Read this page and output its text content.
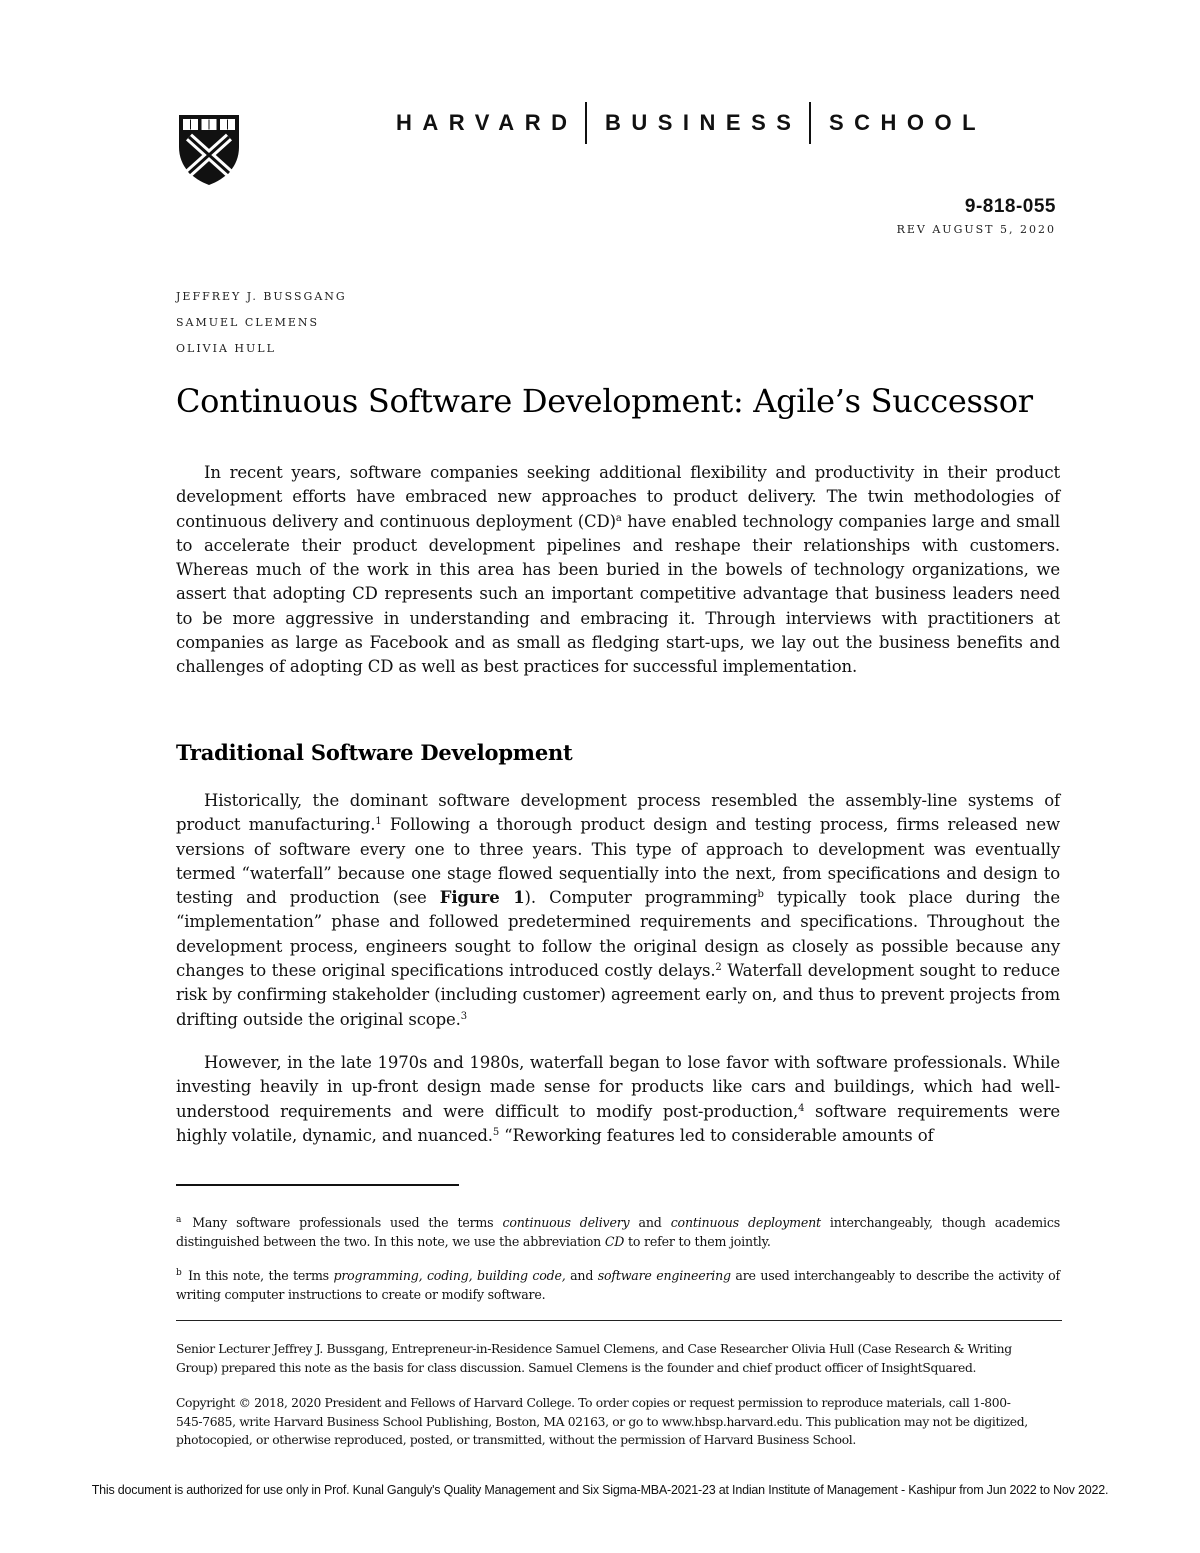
HARVARD BUSINESS SCHOOL
9-818-055
REV AUGUST 5, 2020
JEFFREY J. BUSSGANG
SAMUEL CLEMENS
OLIVIA HULL
Continuous Software Development: Agile’s Successor

In recent years, software companies seeking additional flexibility and productivity in their product development efforts have embraced new approaches to product delivery. The twin methodologies of continuous delivery and continuous deployment (CD)$^a$ have enabled technology companies large and small to accelerate their product development pipelines and reshape their relationships with customers. Whereas much of the work in this area has been buried in the bowels of technology organizations, we assert that adopting CD represents such an important competitive advantage that business leaders need to be more aggressive in understanding and embracing it. Through interviews with practitioners at companies as large as Facebook and as small as fledging start-ups, we lay out the business benefits and challenges of adopting CD as well as best practices for successful implementation.

Traditional Software Development

Historically, the dominant software development process resembled the assembly-line systems of product manufacturing.$^1$ Following a thorough product design and testing process, firms released new versions of software every one to three years. This type of approach to development was eventually termed “waterfall” because one stage flowed sequentially into the next, from specifications and design to testing and production (see Figure 1). Computer programming$^b$ typically took place during the “implementation” phase and followed predetermined requirements and specifications. Throughout the development process, engineers sought to follow the original design as closely as possible because any changes to these original specifications introduced costly delays.$^2$ Waterfall development sought to reduce risk by confirming stakeholder (including customer) agreement early on, and thus to prevent projects from drifting outside the original scope.$^3$

However, in the late 1970s and 1980s, waterfall began to lose favor with software professionals. While investing heavily in up-front design made sense for products like cars and buildings, which had well-understood requirements and were difficult to modify post-production,$^4$ software requirements were highly volatile, dynamic, and nuanced.$^5$ “Reworking features led to considerable amounts of

$^a$ Many software professionals used the terms continuous delivery and continuous deployment interchangeably, though academics distinguished between the two. In this note, we use the abbreviation CD to refer to them jointly.
$^b$ In this note, the terms programming, coding, building code, and software engineering are used interchangeably to describe the activity of writing computer instructions to create or modify software.
Senior Lecturer Jeffrey J. Bussgang, Entrepreneur-in-Residence Samuel Clemens, and Case Researcher Olivia Hull (Case Research & Writing Group) prepared this note as the basis for class discussion. Samuel Clemens is the founder and chief product officer of InsightSquared.
Copyright © 2018, 2020 President and Fellows of Harvard College. To order copies or request permission to reproduce materials, call 1-800-545-7685, write Harvard Business School Publishing, Boston, MA 02163, or go to www.hbsp.harvard.edu. This publication may not be digitized, photocopied, or otherwise reproduced, posted, or transmitted, without the permission of Harvard Business School.
This document is authorized for use only in Prof. Kunal Ganguly's Quality Management and Six Sigma-MBA-2021-23 at Indian Institute of Management - Kashipur from Jun 2022 to Nov 2022.
